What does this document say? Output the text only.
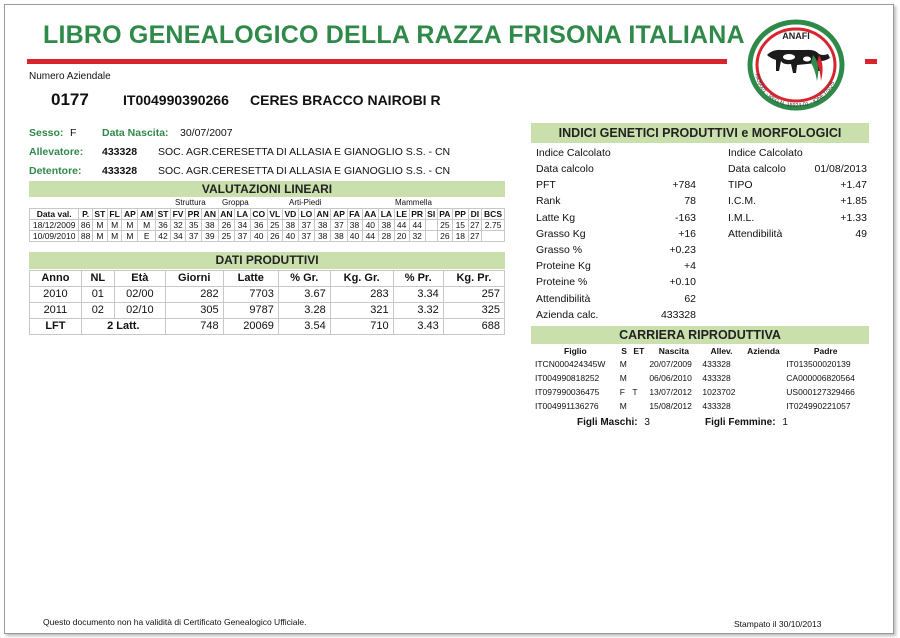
LIBRO GENEALOGICO DELLA RAZZA FRISONA ITALIANA	ANAFI
ISO9001 - REG.N. 15924-01 - IQNET/SQS
Numero Aziendale
0177 IT004990390266 CERES BRACCO NAIROBI R
Sesso: F Data Nascita: 30/07/2007
Allevatore: 433328 SOC. AGR.CERESETTA DI ALLASIA E GIANOGLIO S.S. - CN
Detentore: 433328 SOC. AGR.CERESETTA DI ALLASIA E GIANOGLIO S.S. - CN
VALUTAZIONI LINEARI
Struttura Groppa	Arti-Piedi	Mammella
Data val.	P.	ST	FL	AP	AM	ST	FV	PR	AN	AN	LA	CO	VL	VD	LO	AN	AP	FA	AA	LA	LE	PR	SI	PA	PP	DI	BCS
18/12/2009	86	M	M	M	M	36	32	35	38	26	34	36	25	38	37	38	37	38	40	38	44	44		25	15	27	2.75
10/09/2010	88	M	M	M	E	42	34	37	39	25	37	40	26	40	37	38	38	40	44	28	20	32		26	18	27	
DATI PRODUTTIVI
Anno	NL	Età	Giorni	Latte	% Gr.	Kg. Gr.	% Pr.	Kg. Pr.
2010	01	02/00	282	7703	3.67	283	3.34	257
2011	02	02/10	305	9787	3.28	321	3.32	325
LFT	2 Latt.		748	20069	3.54	710	3.43	688
INDICI GENETICI PRODUTTIVI e MORFOLOGICI
Indice Calcolato
Data calcolo
PFT	+784
Rank	78
Latte Kg	-163
Grasso Kg	+16
Grasso %	+0.23
Proteine Kg	+4
Proteine %	+0.10
Attendibilità	62
Azienda calc.	433328
Indice Calcolato
Data calcolo	01/08/2013
TIPO	+1.47
I.C.M.	+1.85
I.M.L.	+1.33
Attendibilità	49
CARRIERA RIPRODUTTIVA
Figlio	S	ET	Nascita	Allev.	Azienda	Padre
ITCN000424345W	M		20/07/2009	433328		IT013500020139
IT004990818252	M		06/06/2010	433328		CA000006820564
IT097990036475	F	T	13/07/2012	1023702		US000127329466
IT004991136276	M		15/08/2012	433328		IT024990221057
Figli Maschi: 3	Figli Femmine: 1
Questo documento non ha validità di Certificato Genealogico Ufficiale.	Stampato il 30/10/2013
